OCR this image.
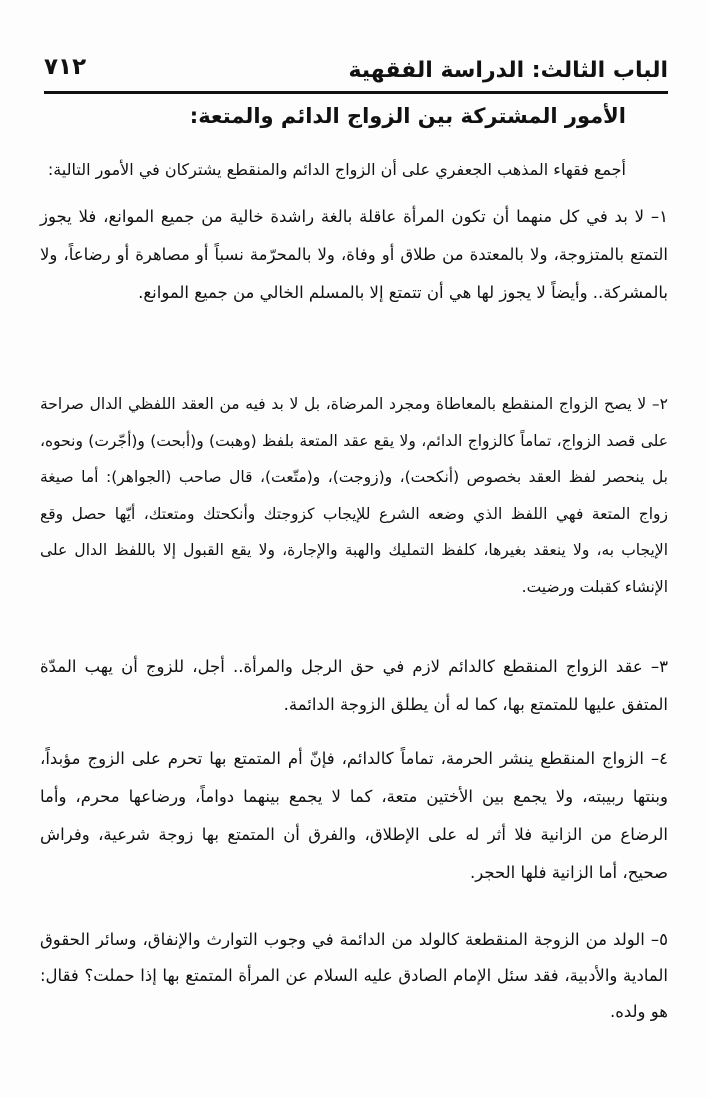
الباب الثالث: الدراسة الفقهية
٧١٢
الأمور المشتركة بين الزواج الدائم والمتعة:
أجمع فقهاء المذهب الجعفري على أن الزواج الدائم والمنقطع يشتركان في الأمور التالية:

١– لا بد في كل منهما أن تكون المرأة عاقلة بالغة راشدة خالية من جميع الموانع، فلا يجوز التمتع بالمتزوجة، ولا بالمعتدة من طلاق أو وفاة، ولا بالمحرّمة نسباً أو مصاهرة أو رضاعاً، ولا بالمشركة.. وأيضاً لا يجوز لها هي أن تتمتع إلا بالمسلم الخالي من جميع الموانع.

٢– لا يصح الزواج المنقطع بالمعاطاة ومجرد المرضاة، بل لا بد فيه من العقد اللفظي الدال صراحة على قصد الزواج، تماماً كالزواج الدائم، ولا يقع عقد المتعة بلفظ (وهبت) و(أبحت) و(أجّرت) ونحوه، بل ينحصر لفظ العقد بخصوص (أنكحت)، و(زوجت)، و(متّعت)، قال صاحب (الجواهر): أما صيغة زواج المتعة فهي اللفظ الذي وضعه الشرع للإيجاب كزوجتك وأنكحتك ومتعتك، أيّها حصل وقع الإيجاب به، ولا ينعقد بغيرها، كلفظ التمليك والهبة والإجارة، ولا يقع القبول إلا باللفظ الدال على الإنشاء كقبلت ورضيت.

٣– عقد الزواج المنقطع كالدائم لازم في حق الرجل والمرأة.. أجل، للزوج أن يهب المدّة المتفق عليها للمتمتع بها، كما له أن يطلق الزوجة الدائمة.

٤– الزواج المنقطع ينشر الحرمة، تماماً كالدائم، فإنّ أم المتمتع بها تحرم على الزوج مؤبداً، وبنتها ربيبته، ولا يجمع بين الأختين متعة، كما لا يجمع بينهما دواماً، ورضاعها محرم، وأما الرضاع من الزانية فلا أثر له على الإطلاق، والفرق أن المتمتع بها زوجة شرعية، وفراش صحيح، أما الزانية فلها الحجر.

٥– الولد من الزوجة المنقطعة كالولد من الدائمة في وجوب التوارث والإنفاق، وسائر الحقوق المادية والأدبية، فقد سئل الإمام الصادق عليه السلام عن المرأة المتمتع بها إذا حملت؟ فقال: هو ولده.
